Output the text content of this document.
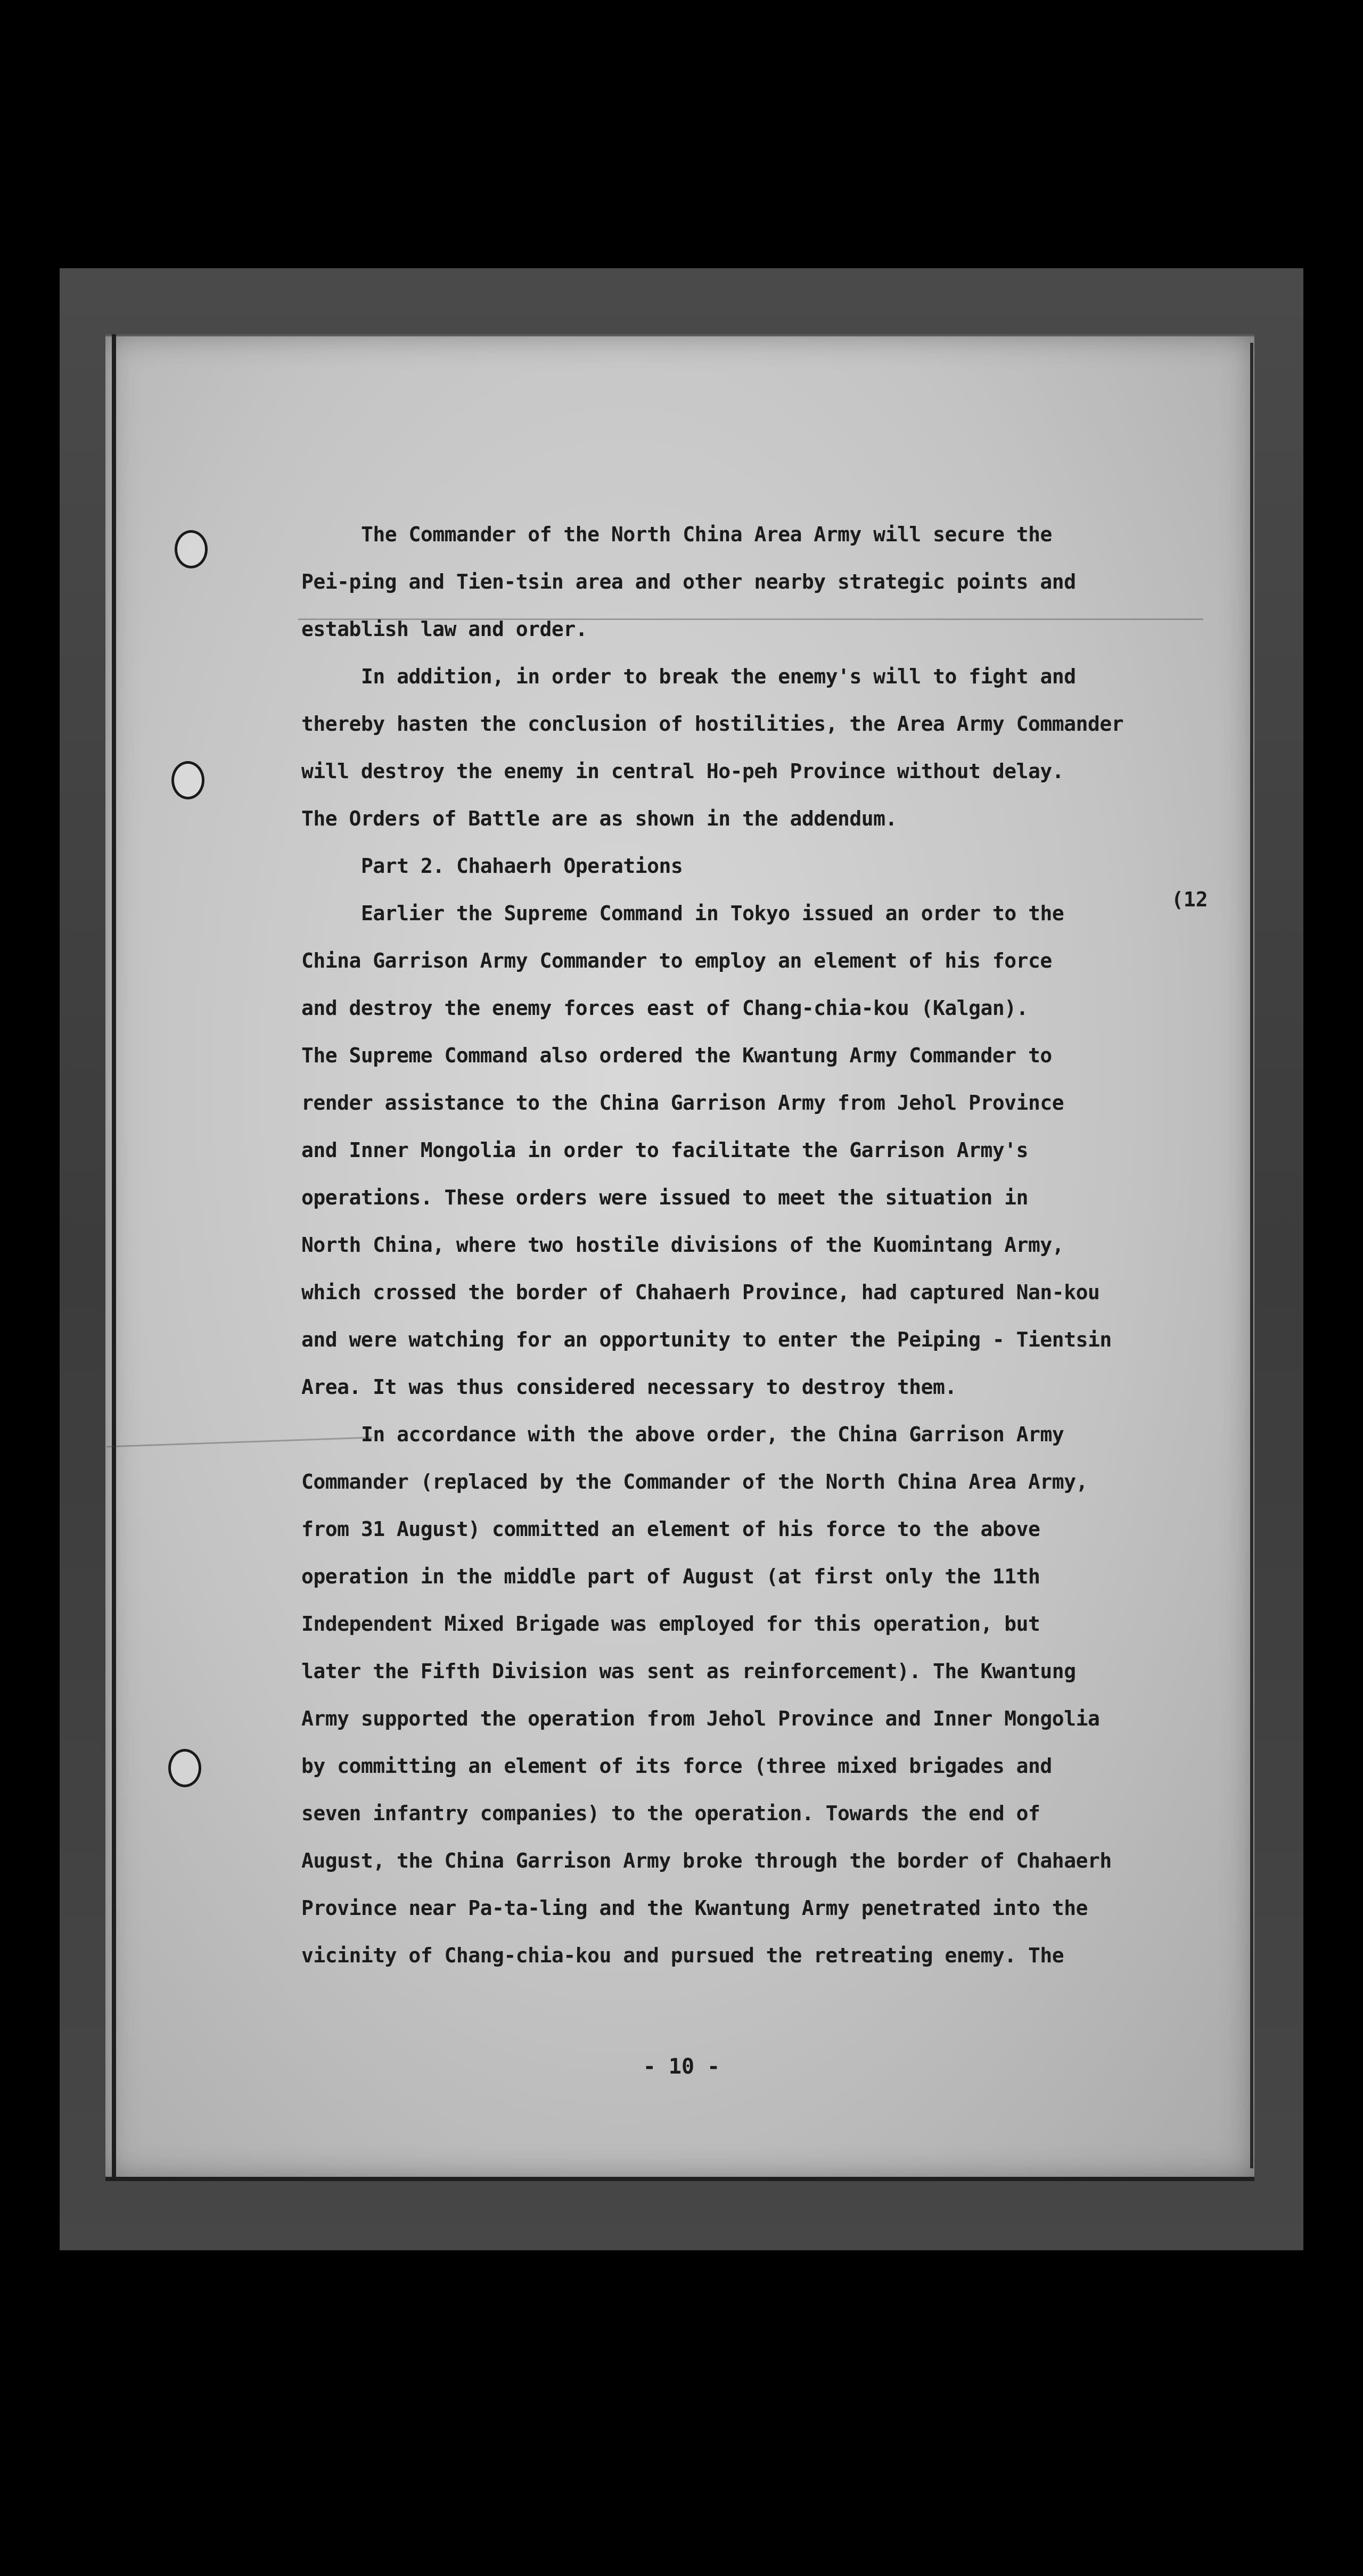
The Commander of the North China Area Army will secure the
Pei-ping and Tien-tsin area and other nearby strategic points and
establish law and order.
In addition, in order to break the enemy's will to fight and
thereby hasten the conclusion of hostilities, the Area Army Commander
will destroy the enemy in central Ho-peh Province without delay.
The Orders of Battle are as shown in the addendum.
Part 2. Chahaerh Operations
Earlier the Supreme Command in Tokyo issued an order to the
China Garrison Army Commander to employ an element of his force
and destroy the enemy forces east of Chang-chia-kou (Kalgan).
The Supreme Command also ordered the Kwantung Army Commander to
render assistance to the China Garrison Army from Jehol Province
and Inner Mongolia in order to facilitate the Garrison Army's
operations. These orders were issued to meet the situation in
North China, where two hostile divisions of the Kuomintang Army,
which crossed the border of Chahaerh Province, had captured Nan-kou
and were watching for an opportunity to enter the Peiping - Tientsin
Area. It was thus considered necessary to destroy them.
In accordance with the above order, the China Garrison Army
Commander (replaced by the Commander of the North China Area Army,
from 31 August) committed an element of his force to the above
operation in the middle part of August (at first only the 11th
Independent Mixed Brigade was employed for this operation, but
later the Fifth Division was sent as reinforcement). The Kwantung
Army supported the operation from Jehol Province and Inner Mongolia
by committing an element of its force (three mixed brigades and
seven infantry companies) to the operation. Towards the end of
August, the China Garrison Army broke through the border of Chahaerh
Province near Pa-ta-ling and the Kwantung Army penetrated into the
vicinity of Chang-chia-kou and pursued the retreating enemy. The
(12
- 10 -
